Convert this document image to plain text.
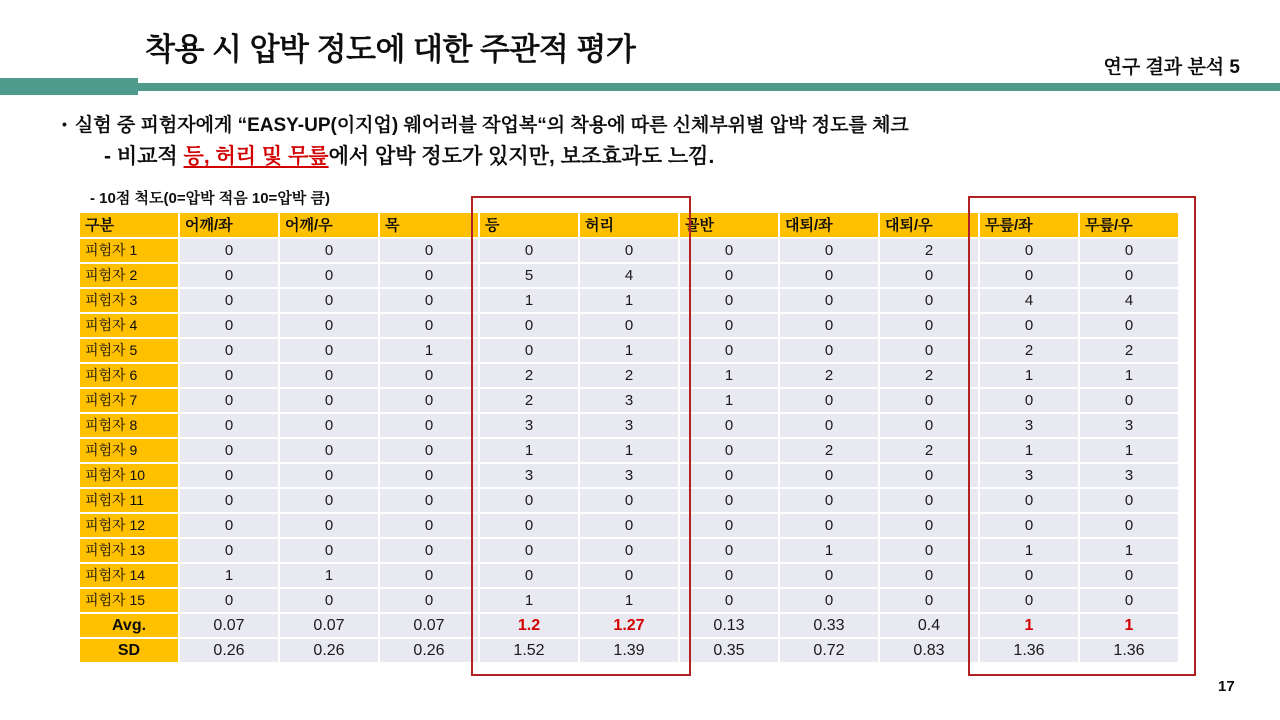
착용 시 압박 정도에 대한 주관적 평가
연구 결과 분석 5
• 실험 중 피험자에게 “EASY-UP(이지업) 웨어러블 작업복“의 착용에 따른 신체부위별 압박 정도를 체크
- 비교적 등, 허리 및 무릎에서 압박 정도가 있지만, 보조효과도 느낌.
- 10점 척도(0=압박 적음 10=압박 큼)
구분	어깨/좌	어깨/우	목	등	허리	골반	대퇴/좌	대퇴/우	무릎/좌	무릎/우
피험자 1	0	0	0	0	0	0	0	2	0	0
피험자 2	0	0	0	5	4	0	0	0	0	0
피험자 3	0	0	0	1	1	0	0	0	4	4
피험자 4	0	0	0	0	0	0	0	0	0	0
피험자 5	0	0	1	0	1	0	0	0	2	2
피험자 6	0	0	0	2	2	1	2	2	1	1
피험자 7	0	0	0	2	3	1	0	0	0	0
피험자 8	0	0	0	3	3	0	0	0	3	3
피험자 9	0	0	0	1	1	0	2	2	1	1
피험자 10	0	0	0	3	3	0	0	0	3	3
피험자 11	0	0	0	0	0	0	0	0	0	0
피험자 12	0	0	0	0	0	0	0	0	0	0
피험자 13	0	0	0	0	0	0	1	0	1	1
피험자 14	1	1	0	0	0	0	0	0	0	0
피험자 15	0	0	0	1	1	0	0	0	0	0
Avg.	0.07	0.07	0.07	1.2	1.27	0.13	0.33	0.4	1	1
SD	0.26	0.26	0.26	1.52	1.39	0.35	0.72	0.83	1.36	1.36
17
